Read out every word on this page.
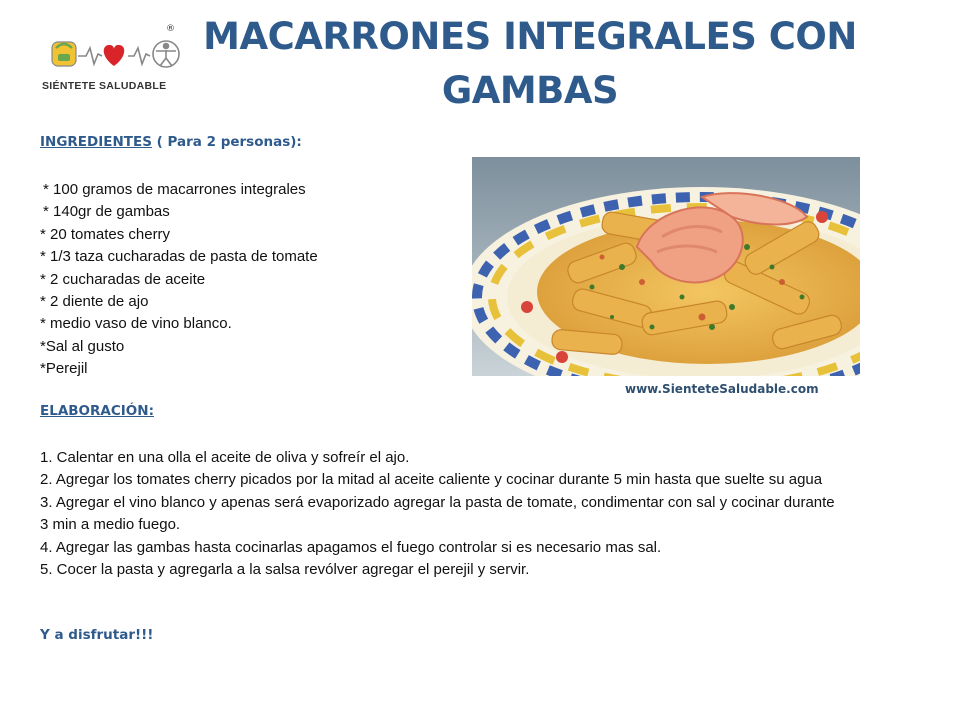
®
SIÉNTETE SALUDABLE
MACARRONES INTEGRALES CON
GAMBAS
INGREDIENTES ( Para 2 personas):
* 100 gramos de macarrones integrales
* 140gr de gambas
* 20 tomates cherry
* 1/3 taza cucharadas de pasta de tomate
* 2 cucharadas de aceite
* 2 diente de ajo
* medio vaso de vino blanco.
*Sal al gusto
*Perejil
www.SienteteSaludable.com
ELABORACIÓN:
1. Calentar en una olla el aceite de oliva y sofreír el ajo.
2. Agregar los tomates cherry picados por la mitad al aceite caliente y cocinar durante 5 min hasta que suelte su agua
3. Agregar el vino blanco y apenas será evaporizado agregar la pasta de tomate, condimentar con sal y cocinar durante 3 min a medio fuego.
4. Agregar las gambas hasta cocinarlas apagamos el fuego controlar si es necesario mas sal.
5. Cocer la pasta y agregarla a la salsa revólver agregar el perejil y servir.
Y a disfrutar!!!
